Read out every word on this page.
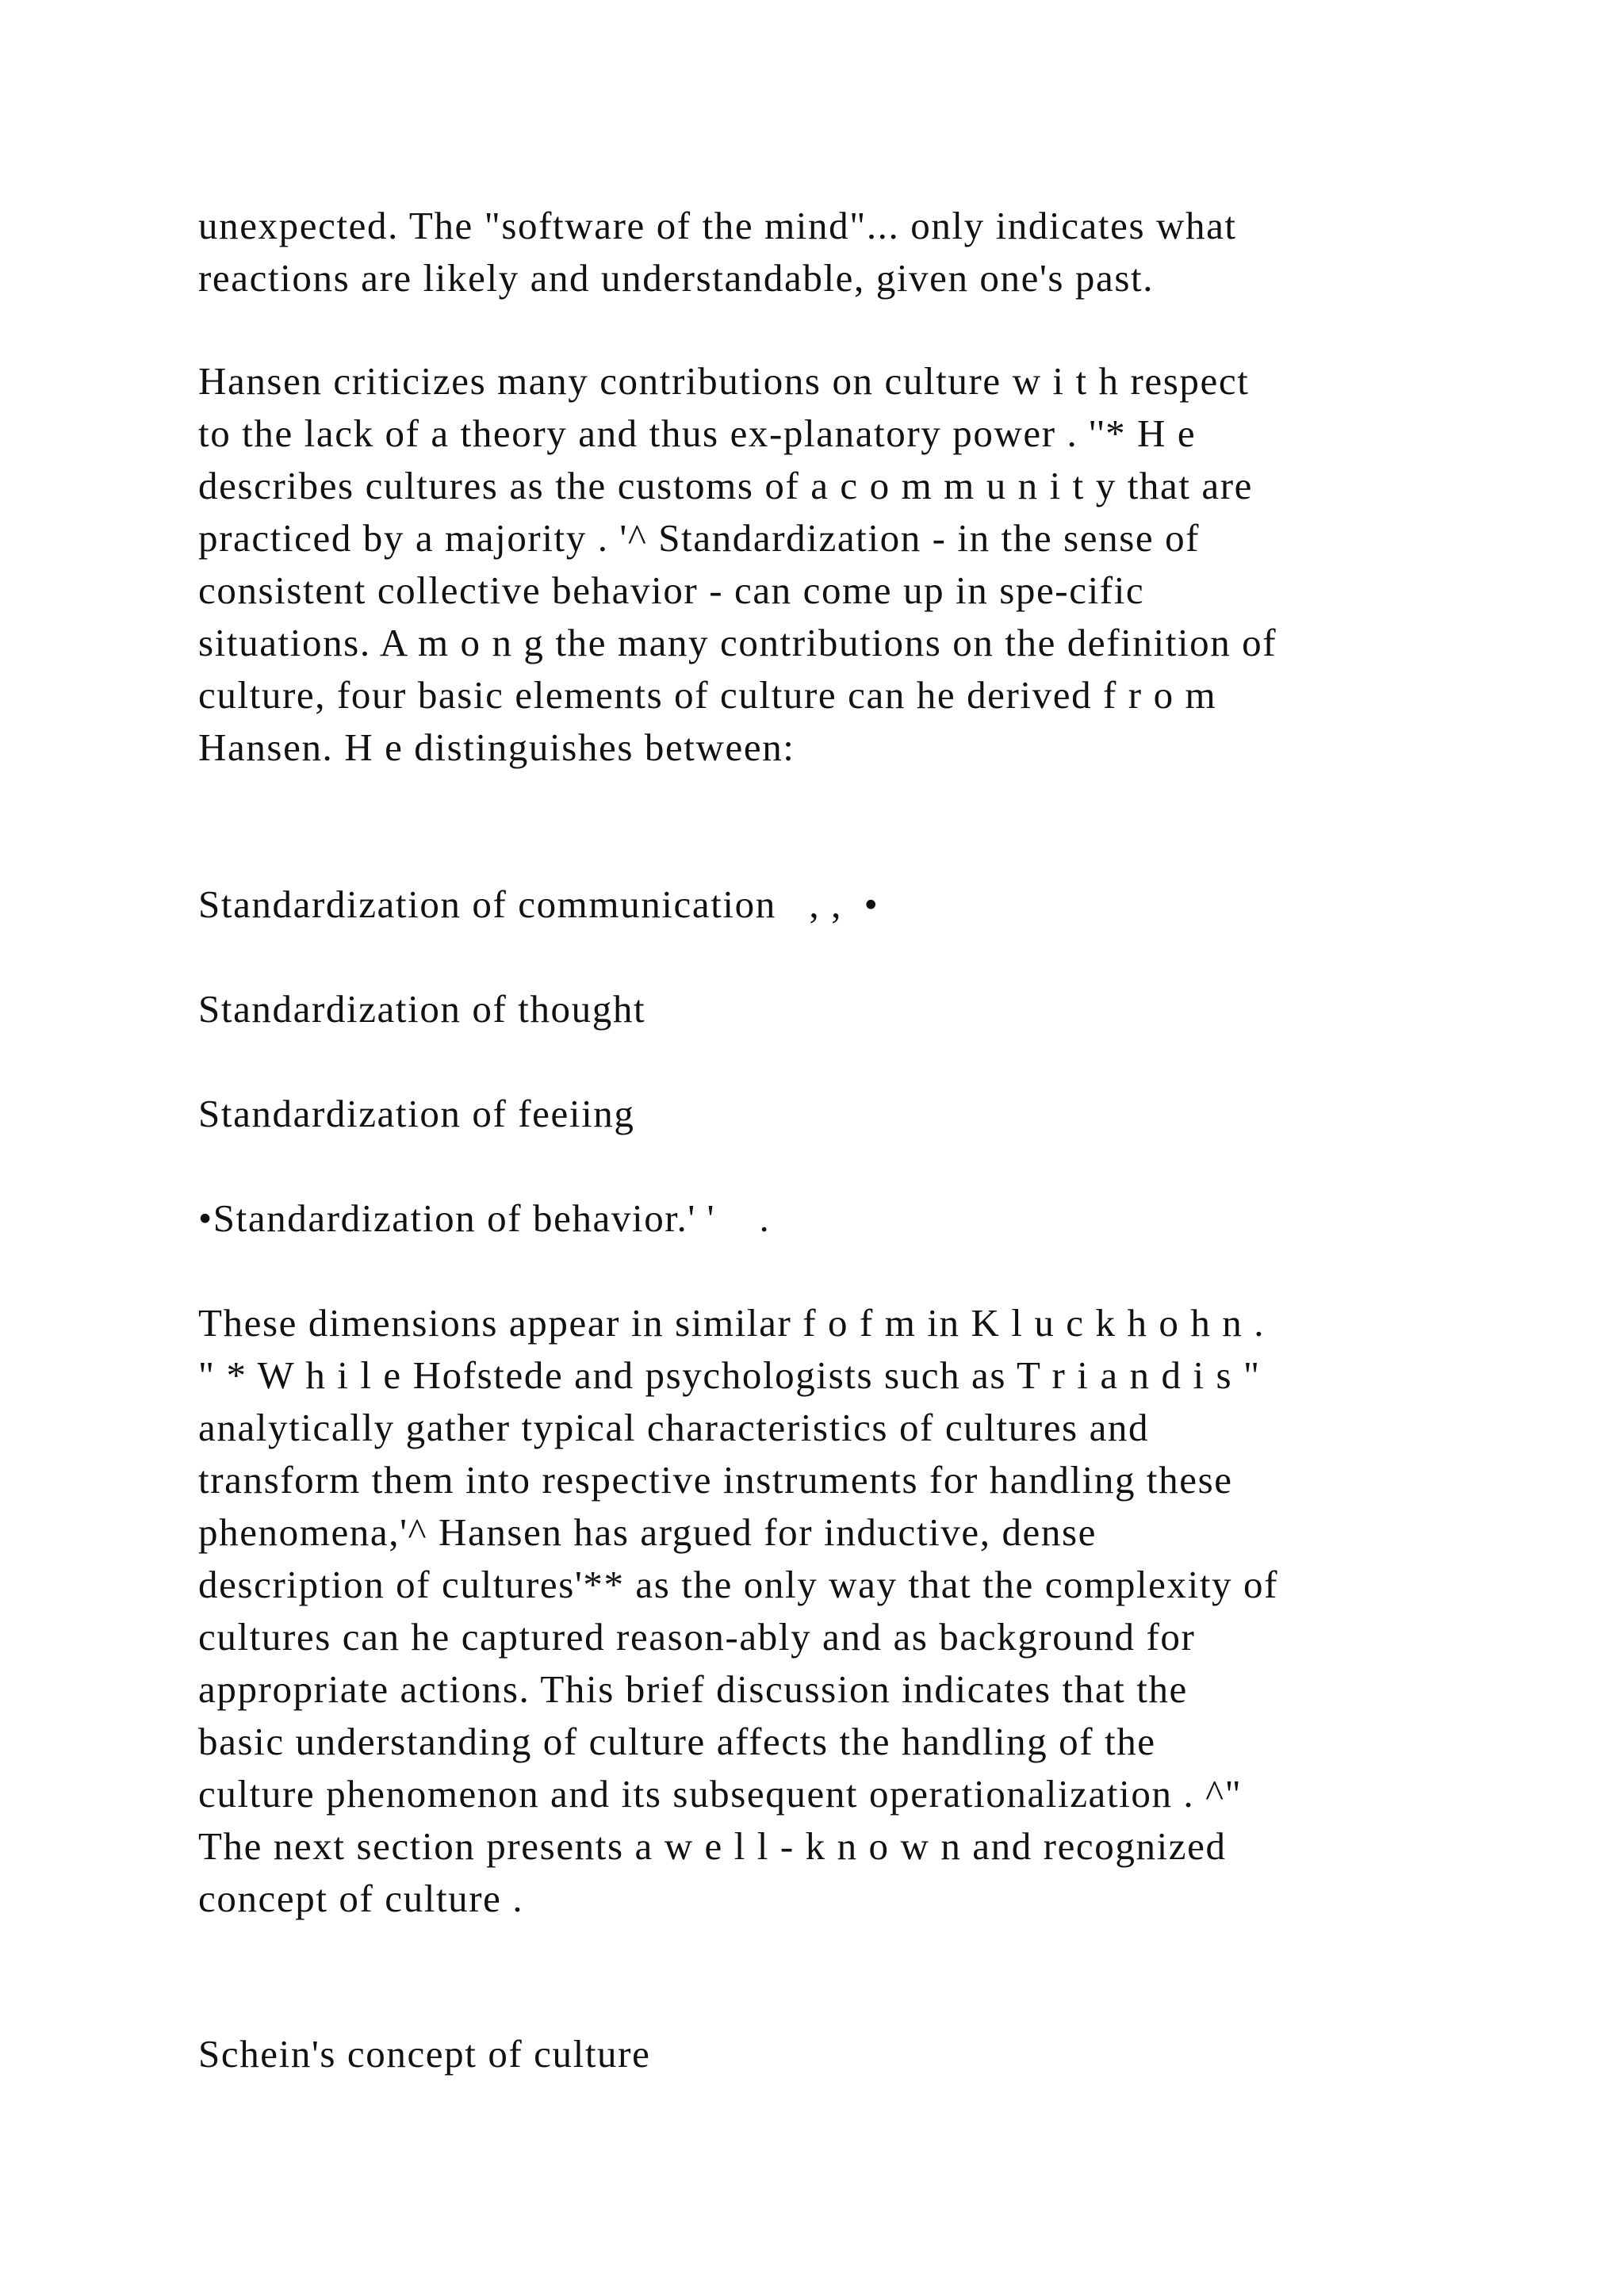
unexpected. The "software of the mind"... only indicates what
reactions are likely and understandable, given one's past.
Hansen criticizes many contributions on culture w i t h respect
to the lack of a theory and thus ex-planatory power . ''* H e
describes cultures as the customs of a c o m m u n i t y that are
practiced by a majority . '^ Standardization - in the sense of
consistent collective behavior - can come up in spe-cific
situations. A m o n g the many contributions on the definition of
culture, four basic elements of culture can he derived f r o m
Hansen. H e distinguishes between:
Standardization of communication   , ,  •
Standardization of thought
Standardization of feeiing
•Standardization of behavior.' '    .
These dimensions appear in similar f o f m in K l u c k h o h n .
" * W h i l e Hofstede and psychologists such as T r i a n d i s "
analytically gather typical characteristics of cultures and
transform them into respective instruments for handling these
phenomena,'^ Hansen has argued for inductive, dense
description of cultures'** as the only way that the complexity of
cultures can he captured reason-ably and as background for
appropriate actions. This brief discussion indicates that the
basic understanding of culture affects the handling of the
culture phenomenon and its subsequent operationalization . ^"
The next section presents a w e l l - k n o w n and recognized
concept of culture .
Schein's concept of culture
